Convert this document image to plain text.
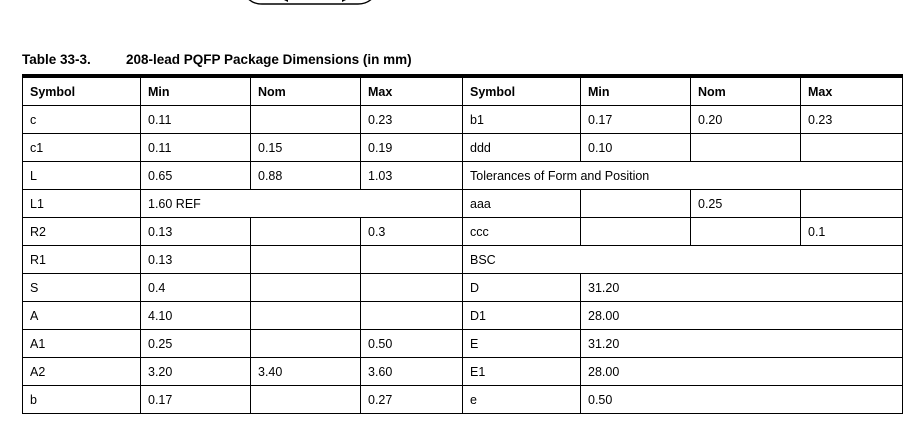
Table 33-3.	208-lead PQFP Package Dimensions (in mm)
Symbol	Min	Nom	Max	Symbol	Min	Nom	Max
c	0.11		0.23	b1	0.17	0.20	0.23
c1	0.11	0.15	0.19	ddd	0.10		
L	0.65	0.88	1.03	Tolerances of Form and Position			
L1	1.60 REF			aaa		0.25	
R2	0.13		0.3	ccc			0.1
R1	0.13			BSC			
S	0.4			D	31.20		
A	4.10			D1	28.00		
A1	0.25		0.50	E	31.20		
A2	3.20	3.40	3.60	E1	28.00		
b	0.17		0.27	e	0.50		
